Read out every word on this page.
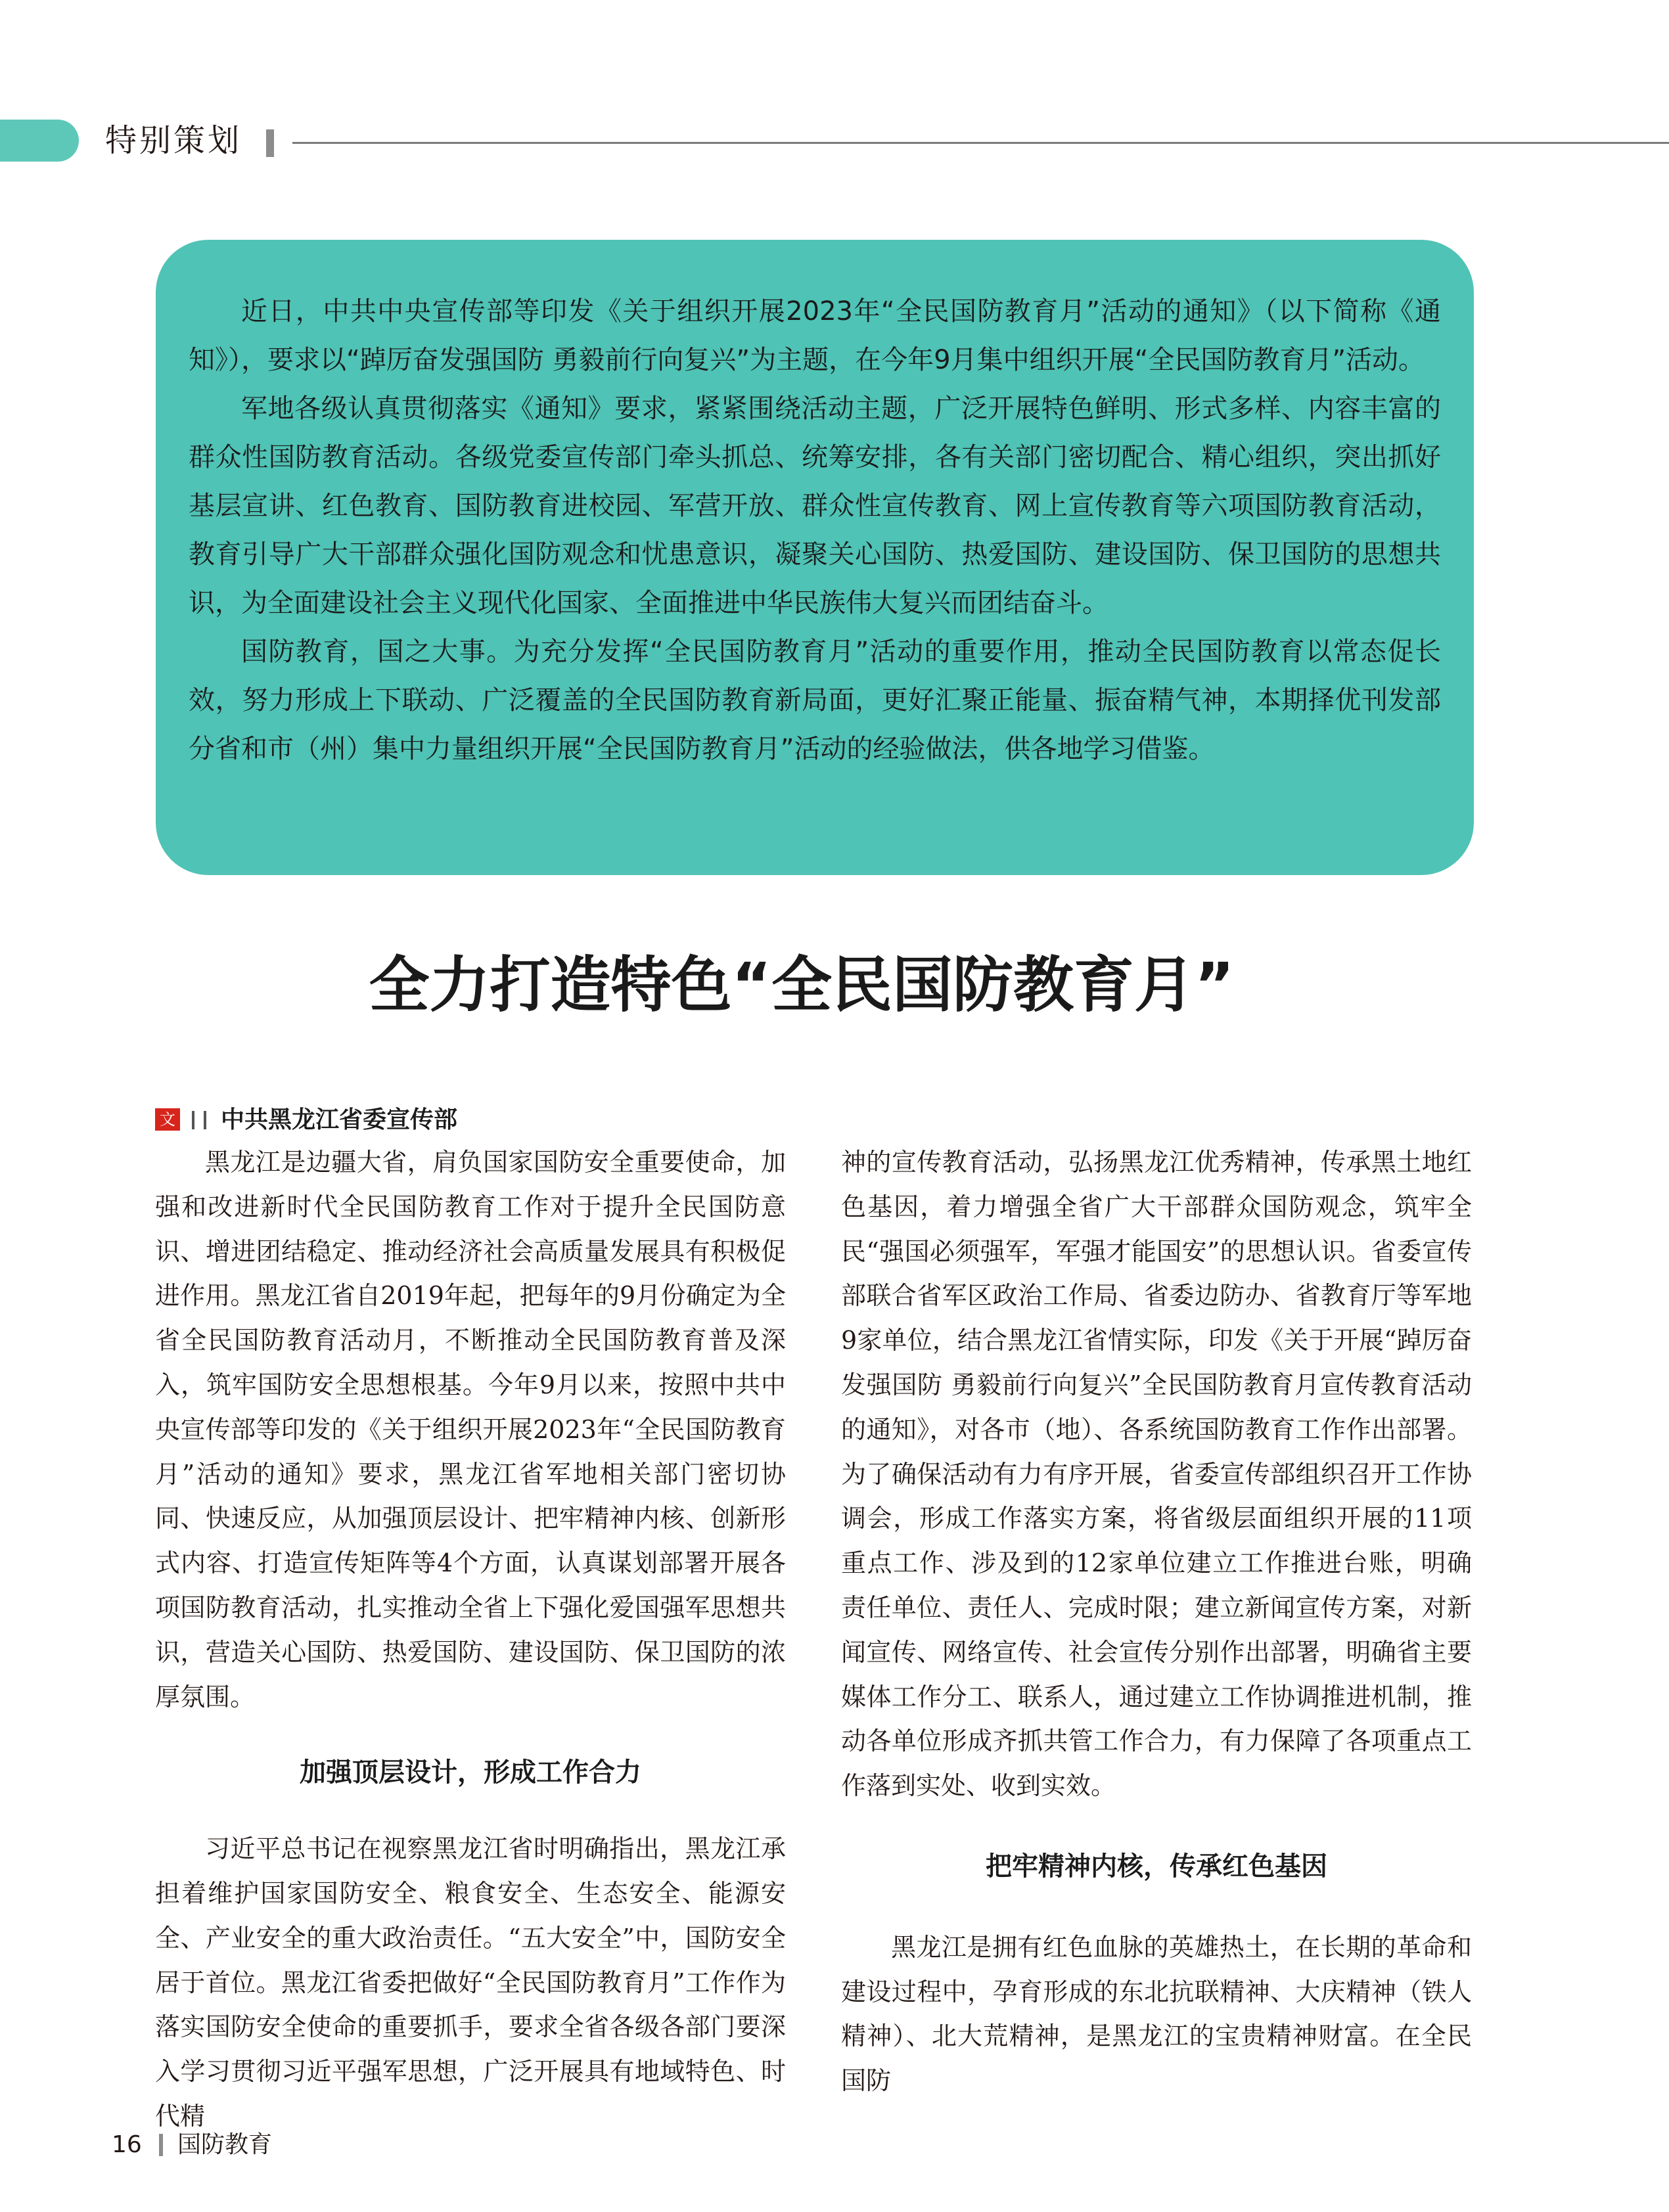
特别策划

近日，中共中央宣传部等印发《关于组织开展2023年“全民国防教育月”活动的通知》（以下简称《通知》），要求以“踔厉奋发强国防 勇毅前行向复兴”为主题，在今年9月集中组织开展“全民国防教育月”活动。

军地各级认真贯彻落实《通知》要求，紧紧围绕活动主题，广泛开展特色鲜明、形式多样、内容丰富的群众性国防教育活动。各级党委宣传部门牵头抓总、统筹安排，各有关部门密切配合、精心组织，突出抓好基层宣讲、红色教育、国防教育进校园、军营开放、群众性宣传教育、网上宣传教育等六项国防教育活动，教育引导广大干部群众强化国防观念和忧患意识，凝聚关心国防、热爱国防、建设国防、保卫国防的思想共识，为全面建设社会主义现代化国家、全面推进中华民族伟大复兴而团结奋斗。

国防教育，国之大事。为充分发挥“全民国防教育月”活动的重要作用，推动全民国防教育以常态促长效，努力形成上下联动、广泛覆盖的全民国防教育新局面，更好汇聚正能量、振奋精气神，本期择优刊发部分省和市（州）集中力量组织开展“全民国防教育月”活动的经验做法，供各地学习借鉴。

全力打造特色“全民国防教育月”
文 中共黑龙江省委宣传部

黑龙江是边疆大省，肩负国家国防安全重要使命，加强和改进新时代全民国防教育工作对于提升全民国防意识、增进团结稳定、推动经济社会高质量发展具有积极促进作用。黑龙江省自2019年起，把每年的9月份确定为全省全民国防教育活动月，不断推动全民国防教育普及深入，筑牢国防安全思想根基。今年9月以来，按照中共中央宣传部等印发的《关于组织开展2023年“全民国防教育月”活动的通知》要求，黑龙江省军地相关部门密切协同、快速反应，从加强顶层设计、把牢精神内核、创新形式内容、打造宣传矩阵等4个方面，认真谋划部署开展各项国防教育活动，扎实推动全省上下强化爱国强军思想共识，营造关心国防、热爱国防、建设国防、保卫国防的浓厚氛围。

加强顶层设计，形成工作合力

习近平总书记在视察黑龙江省时明确指出，黑龙江承担着维护国家国防安全、粮食安全、生态安全、能源安全、产业安全的重大政治责任。“五大安全”中，国防安全居于首位。黑龙江省委把做好“全民国防教育月”工作作为落实国防安全使命的重要抓手，要求全省各级各部门要深入学习贯彻习近平强军思想，广泛开展具有地域特色、时代精

神的宣传教育活动，弘扬黑龙江优秀精神，传承黑土地红色基因，着力增强全省广大干部群众国防观念，筑牢全民“强国必须强军，军强才能国安”的思想认识。省委宣传部联合省军区政治工作局、省委边防办、省教育厅等军地9家单位，结合黑龙江省情实际，印发《关于开展“踔厉奋发强国防 勇毅前行向复兴”全民国防教育月宣传教育活动的通知》，对各市（地）、各系统国防教育工作作出部署。为了确保活动有力有序开展，省委宣传部组织召开工作协调会，形成工作落实方案，将省级层面组织开展的11项重点工作、涉及到的12家单位建立工作推进台账，明确责任单位、责任人、完成时限；建立新闻宣传方案，对新闻宣传、网络宣传、社会宣传分别作出部署，明确省主要媒体工作分工、联系人，通过建立工作协调推进机制，推动各单位形成齐抓共管工作合力，有力保障了各项重点工作落到实处、收到实效。

把牢精神内核，传承红色基因

黑龙江是拥有红色血脉的英雄热土，在长期的革命和建设过程中，孕育形成的东北抗联精神、大庆精神（铁人精神）、北大荒精神，是黑龙江的宝贵精神财富。在全民国防

16 国防教育
